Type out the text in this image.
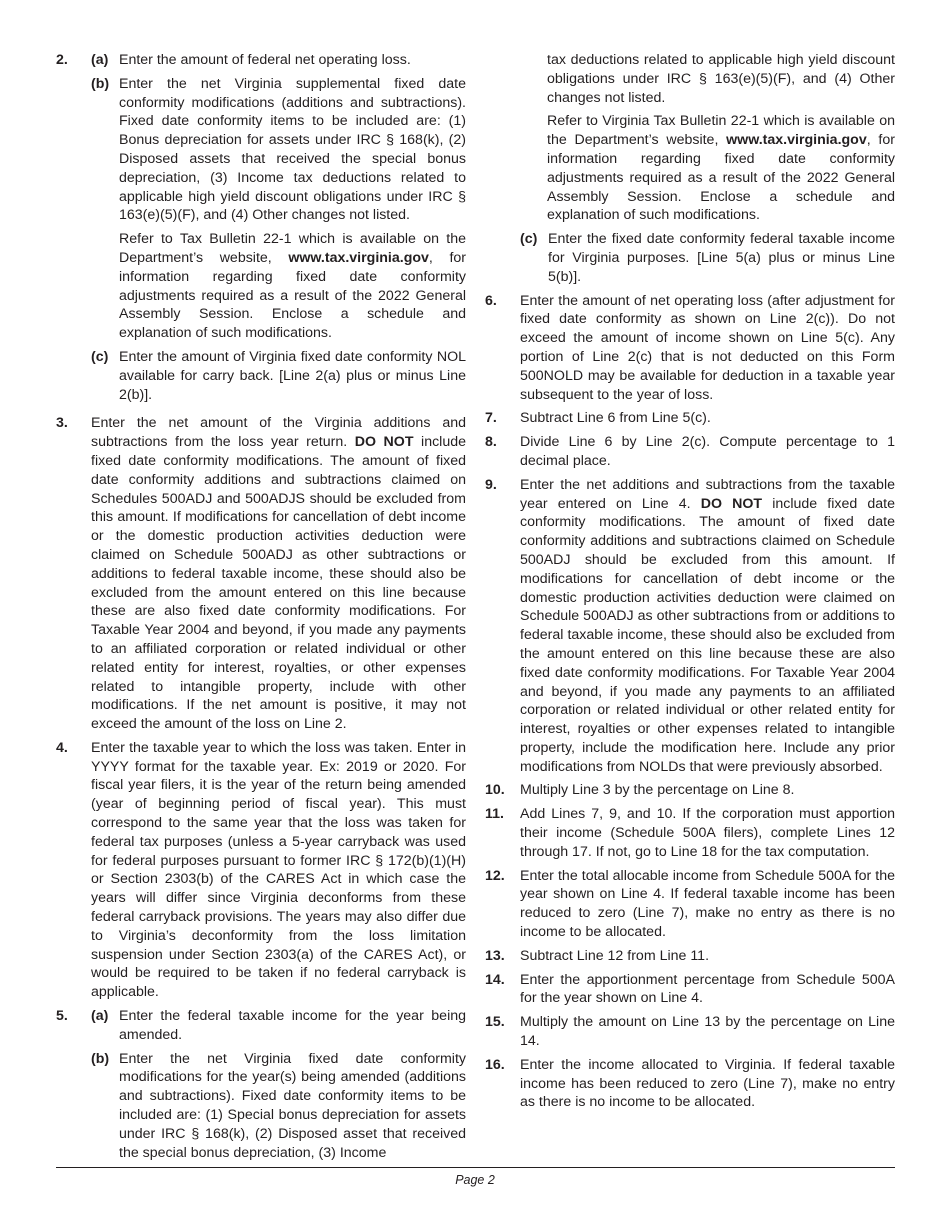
2.	(a) Enter the amount of federal net operating loss.
(b) Enter the net Virginia supplemental fixed date conformity modifications (additions and subtractions). Fixed date conformity items to be included are: (1) Bonus depreciation for assets under IRC § 168(k), (2) Disposed assets that received the special bonus depreciation, (3) Income tax deductions related to applicable high yield discount obligations under IRC § 163(e)(5)(F), and (4) Other changes not listed.
Refer to Tax Bulletin 22-1 which is available on the Department’s website, www.tax.virginia.gov, for information regarding fixed date conformity adjustments required as a result of the 2022 General Assembly Session. Enclose a schedule and explanation of such modifications.
(c) Enter the amount of Virginia fixed date conformity NOL available for carry back. [Line 2(a) plus or minus Line 2(b)].
3.	Enter the net amount of the Virginia additions and subtractions from the loss year return. DO NOT include fixed date conformity modifications. The amount of fixed date conformity additions and subtractions claimed on Schedules 500ADJ and 500ADJS should be excluded from this amount. If modifications for cancellation of debt income or the domestic production activities deduction were claimed on Schedule 500ADJ as other subtractions or additions to federal taxable income, these should also be excluded from the amount entered on this line because these are also fixed date conformity modifications. For Taxable Year 2004 and beyond, if you made any payments to an affiliated corporation or related individual or other related entity for interest, royalties, or other expenses related to intangible property, include with other modifications. If the net amount is positive, it may not exceed the amount of the loss on Line 2.
4.	Enter the taxable year to which the loss was taken. Enter in YYYY format for the taxable year. Ex: 2019 or 2020. For fiscal year filers, it is the year of the return being amended (year of beginning period of fiscal year). This must correspond to the same year that the loss was taken for federal tax purposes (unless a 5-year carryback was used for federal purposes pursuant to former IRC § 172(b)(1)(H) or Section 2303(b) of the CARES Act in which case the years will differ since Virginia deconforms from these federal carryback provisions. The years may also differ due to Virginia’s deconformity from the loss limitation suspension under Section 2303(a) of the CARES Act), or would be required to be taken if no federal carryback is applicable.
5.	(a) Enter the federal taxable income for the year being amended.
(b) Enter the net Virginia fixed date conformity modifications for the year(s) being amended (additions and subtractions). Fixed date conformity items to be included are: (1) Special bonus depreciation for assets under IRC § 168(k), (2) Disposed asset that received the special bonus depreciation, (3) Income
tax deductions related to applicable high yield discount obligations under IRC § 163(e)(5)(F), and (4) Other changes not listed.
Refer to Virginia Tax Bulletin 22-1 which is available on the Department’s website, www.tax.virginia.gov, for information regarding fixed date conformity adjustments required as a result of the 2022 General Assembly Session. Enclose a schedule and explanation of such modifications.
(c) Enter the fixed date conformity federal taxable income for Virginia purposes. [Line 5(a) plus or minus Line 5(b)].
6.	Enter the amount of net operating loss (after adjustment for fixed date conformity as shown on Line 2(c)). Do not exceed the amount of income shown on Line 5(c). Any portion of Line 2(c) that is not deducted on this Form 500NOLD may be available for deduction in a taxable year subsequent to the year of loss.
7.	Subtract Line 6 from Line 5(c).
8.	Divide Line 6 by Line 2(c). Compute percentage to 1 decimal place.
9.	Enter the net additions and subtractions from the taxable year entered on Line 4. DO NOT include fixed date conformity modifications. The amount of fixed date conformity additions and subtractions claimed on Schedule 500ADJ should be excluded from this amount. If modifications for cancellation of debt income or the domestic production activities deduction were claimed on Schedule 500ADJ as other subtractions from or additions to federal taxable income, these should also be excluded from the amount entered on this line because these are also fixed date conformity modifications. For Taxable Year 2004 and beyond, if you made any payments to an affiliated corporation or related individual or other related entity for interest, royalties or other expenses related to intangible property, include the modification here. Include any prior modifications from NOLDs that were previously absorbed.
10.	Multiply Line 3 by the percentage on Line 8.
11.	Add Lines 7, 9, and 10. If the corporation must apportion their income (Schedule 500A filers), complete Lines 12 through 17. If not, go to Line 18 for the tax computation.
12.	Enter the total allocable income from Schedule 500A for the year shown on Line 4. If federal taxable income has been reduced to zero (Line 7), make no entry as there is no income to be allocated.
13.	Subtract Line 12 from Line 11.
14.	Enter the apportionment percentage from Schedule 500A for the year shown on Line 4.
15.	Multiply the amount on Line 13 by the percentage on Line 14.
16.	Enter the income allocated to Virginia. If federal taxable income has been reduced to zero (Line 7), make no entry as there is no income to be allocated.
Page 2
